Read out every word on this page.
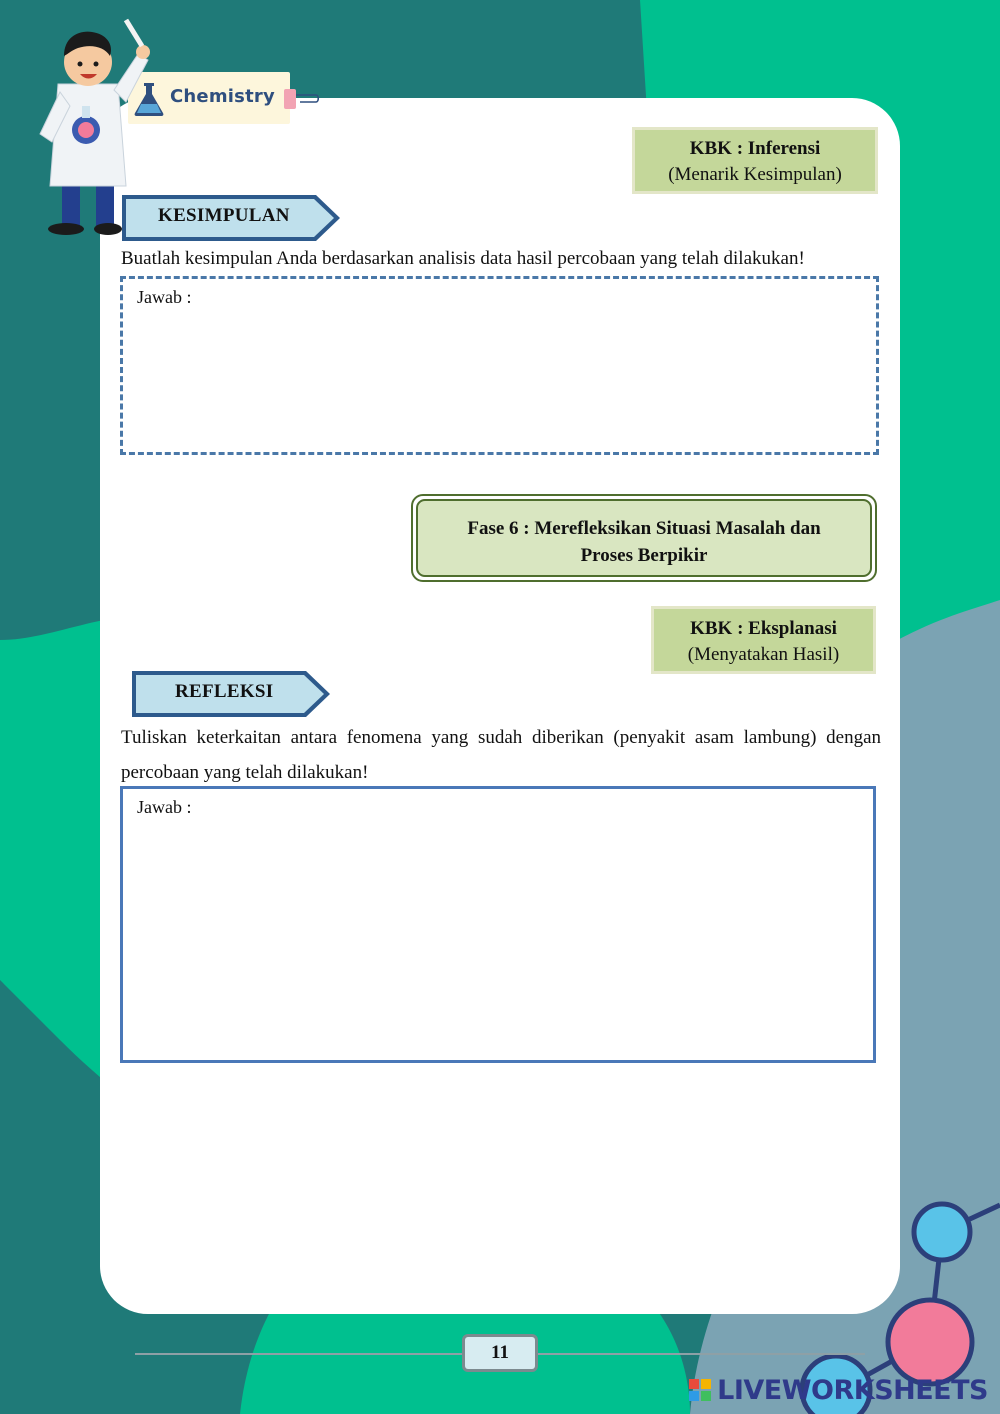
Chemistry
KBK : Inferensi
(Menarik Kesimpulan)
KESIMPULAN
Buatlah kesimpulan Anda berdasarkan analisis data hasil percobaan yang telah dilakukan!
Jawab :
Fase 6 : Merefleksikan Situasi Masalah dan
Proses Berpikir
KBK : Eksplanasi
(Menyatakan Hasil)
REFLEKSI
Tuliskan keterkaitan antara fenomena yang sudah diberikan (penyakit asam lambung) dengan percobaan yang telah dilakukan!
Jawab :
11
LIVEWORKSHEETS
